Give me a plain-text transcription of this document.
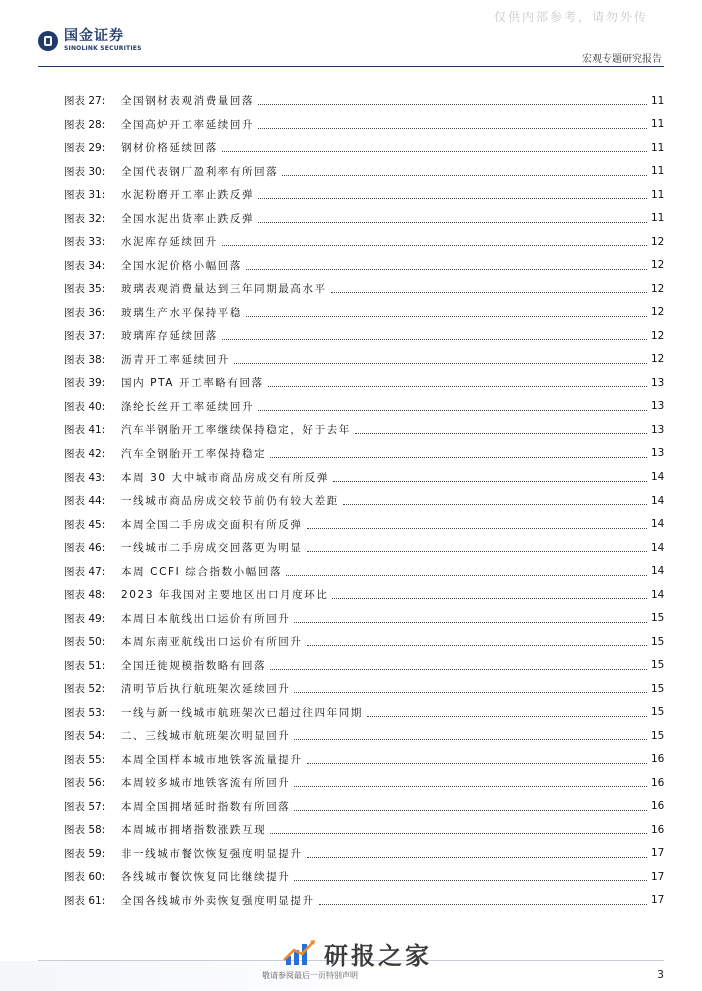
国金证券
SINOLINK SECURITIES
仅供内部参考，请勿外传
宏观专题研究报告
图表 27:	全国钢材表观消费量回落	11
图表 28:	全国高炉开工率延续回升	11
图表 29:	钢材价格延续回落	11
图表 30:	全国代表钢厂盈利率有所回落	11
图表 31:	水泥粉磨开工率止跌反弹	11
图表 32:	全国水泥出货率止跌反弹	11
图表 33:	水泥库存延续回升	12
图表 34:	全国水泥价格小幅回落	12
图表 35:	玻璃表观消费量达到三年同期最高水平	12
图表 36:	玻璃生产水平保持平稳	12
图表 37:	玻璃库存延续回落	12
图表 38:	沥青开工率延续回升	12
图表 39:	国内 PTA 开工率略有回落	13
图表 40:	涤纶长丝开工率延续回升	13
图表 41:	汽车半钢胎开工率继续保持稳定，好于去年	13
图表 42:	汽车全钢胎开工率保持稳定	13
图表 43:	本周 30 大中城市商品房成交有所反弹	14
图表 44:	一线城市商品房成交较节前仍有较大差距	14
图表 45:	本周全国二手房成交面积有所反弹	14
图表 46:	一线城市二手房成交回落更为明显	14
图表 47:	本周 CCFI 综合指数小幅回落	14
图表 48:	2023 年我国对主要地区出口月度环比	14
图表 49:	本周日本航线出口运价有所回升	15
图表 50:	本周东南亚航线出口运价有所回升	15
图表 51:	全国迁徙规模指数略有回落	15
图表 52:	清明节后执行航班架次延续回升	15
图表 53:	一线与新一线城市航班架次已超过往四年同期	15
图表 54:	二、三线城市航班架次明显回升	15
图表 55:	本周全国样本城市地铁客流量提升	16
图表 56:	本周较多城市地铁客流有所回升	16
图表 57:	本周全国拥堵延时指数有所回落	16
图表 58:	本周城市拥堵指数涨跌互现	16
图表 59:	非一线城市餐饮恢复强度明显提升	17
图表 60:	各线城市餐饮恢复同比继续提升	17
图表 61:	全国各线城市外卖恢复强度明显提升	17
研报之家
敬请参阅最后一页特别声明	3
